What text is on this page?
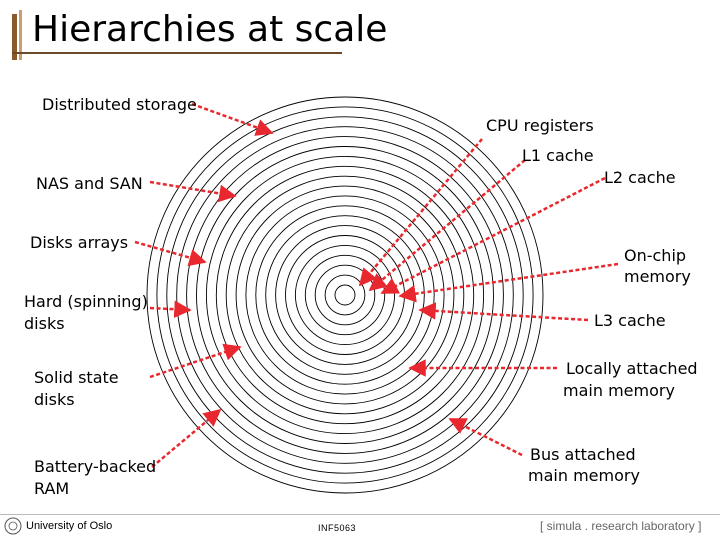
Hierarchies at scale
Distributed storage
CPU registers
L1 cache
L2 cache
NAS and SAN
Disks arrays
On-chip
memory
Hard (spinning)
disks	L3 cache
Locally attached
main memory
Solid state
disks
Bus attached
main memory
Battery-backed
RAM
University of Oslo	INF5063	[ simula . research laboratory ]
